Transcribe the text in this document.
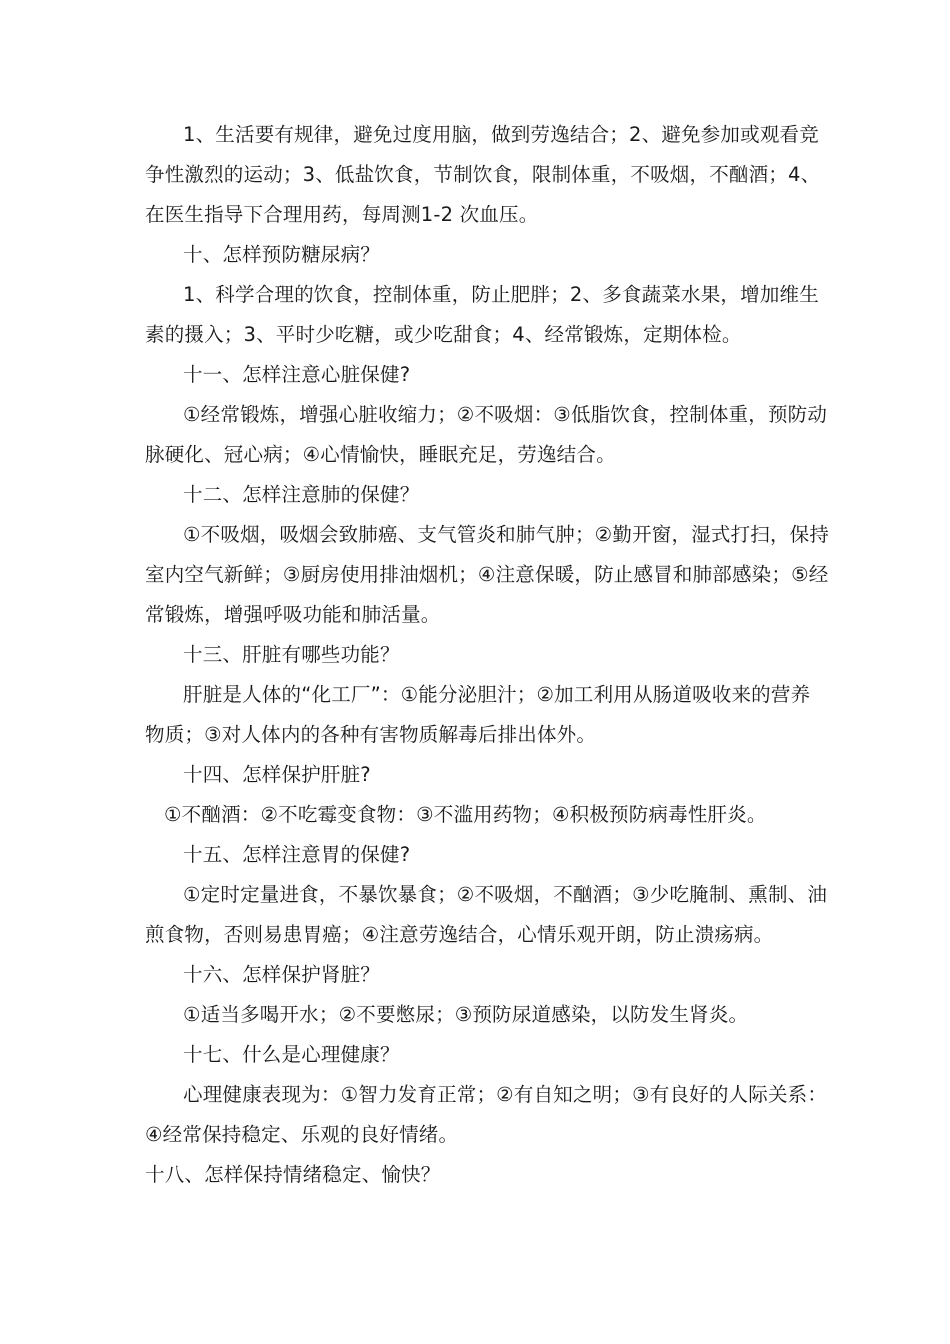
1、生活要有规律，避免过度用脑，做到劳逸结合；2、避免参加或观看竞
争性激烈的运动；3、低盐饮食，节制饮食，限制体重，不吸烟，不酗酒；4、
在医生指导下合理用药，每周测1-2 次血压。
十、怎样预防糖尿病？
1、科学合理的饮食，控制体重，防止肥胖；2、多食蔬菜水果，增加维生
素的摄入；3、平时少吃糖，或少吃甜食；4、经常锻炼，定期体检。
十一、怎样注意心脏保健?
①经常锻炼，增强心脏收缩力；②不吸烟：③低脂饮食，控制体重，预防动
脉硬化、冠心病；④心情愉快，睡眠充足，劳逸结合。
十二、怎样注意肺的保健？
①不吸烟，吸烟会致肺癌、支气管炎和肺气肿；②勤开窗，湿式打扫，保持
室内空气新鲜；③厨房使用排油烟机；④注意保暖，防止感冒和肺部感染；⑤经
常锻炼，增强呼吸功能和肺活量。
十三、肝脏有哪些功能？
肝脏是人体的“化工厂”：①能分泌胆汁；②加工利用从肠道吸收来的营养
物质；③对人体内的各种有害物质解毒后排出体外。
十四、怎样保护肝脏?
①不酗酒：②不吃霉变食物：③不滥用药物；④积极预防病毒性肝炎。
十五、怎样注意胃的保健?
①定时定量进食，不暴饮暴食；②不吸烟，不酗酒；③少吃腌制、熏制、油
煎食物，否则易患胃癌；④注意劳逸结合，心情乐观开朗，防止溃疡病。
十六、怎样保护肾脏？
①适当多喝开水；②不要憋尿；③预防尿道感染，以防发生肾炎。
十七、什么是心理健康？
心理健康表现为：①智力发育正常；②有自知之明；③有良好的人际关系：
④经常保持稳定、乐观的良好情绪。
十八、怎样保持情绪稳定、愉快？
